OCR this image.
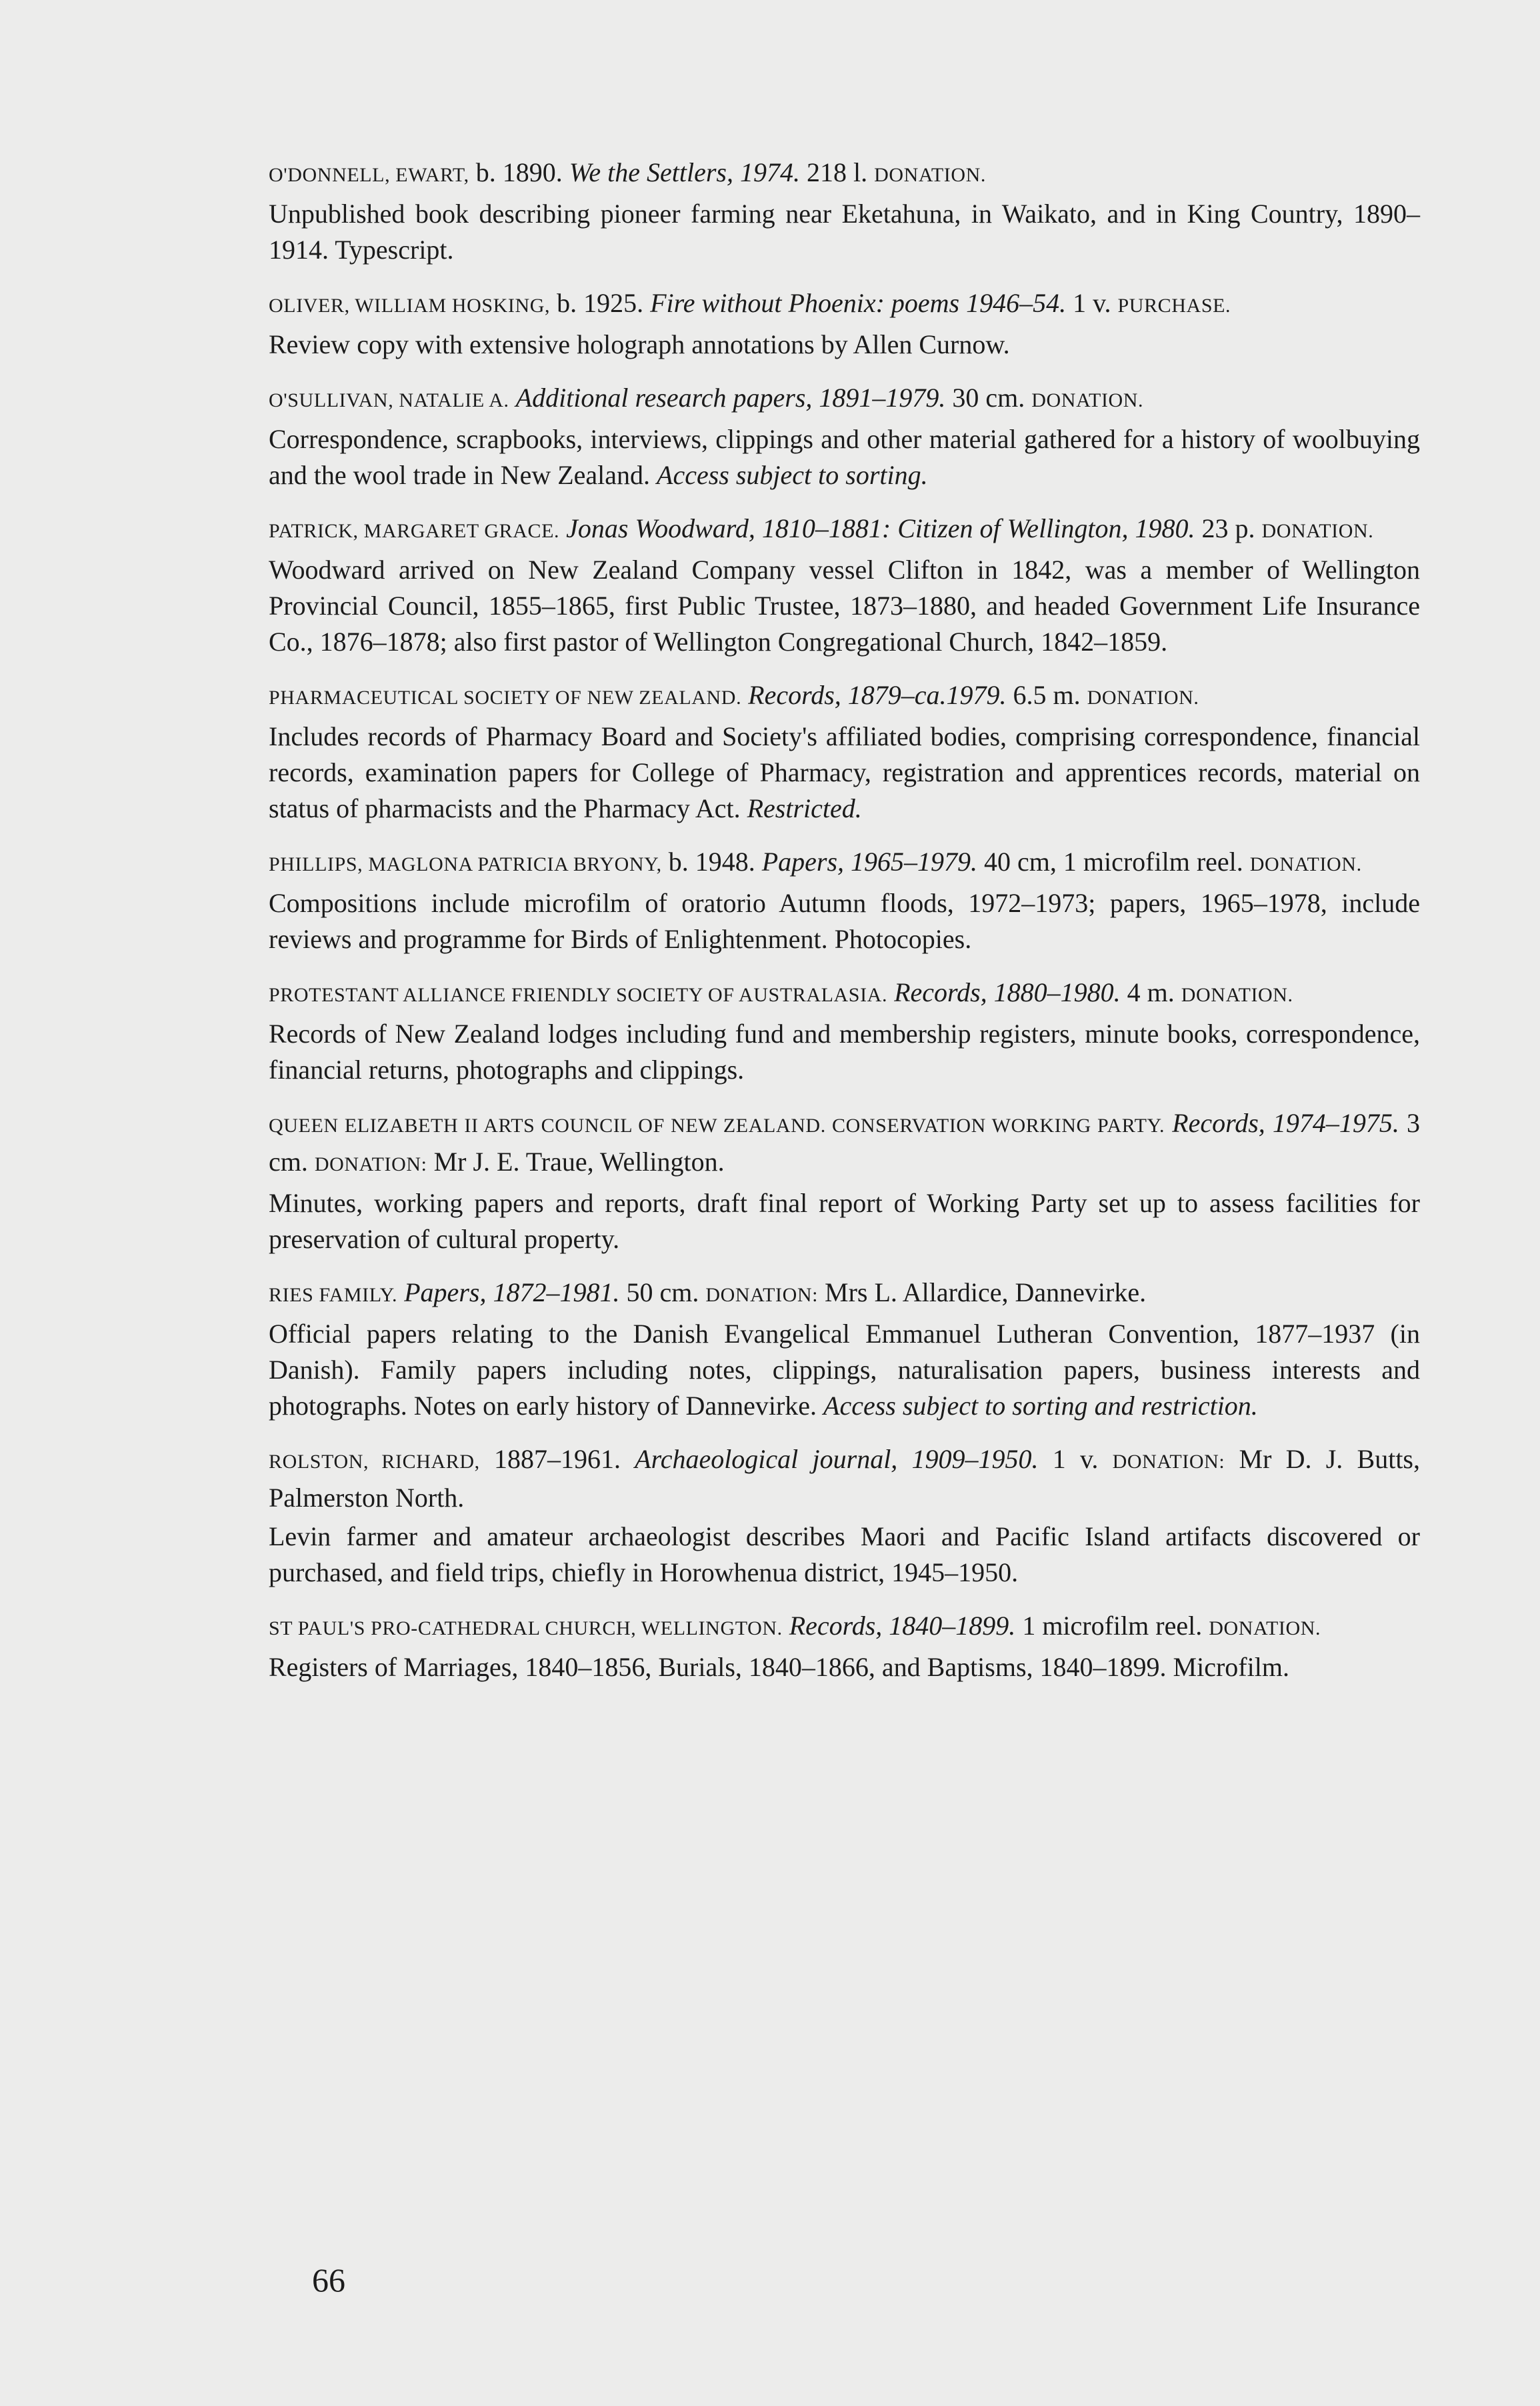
O'DONNELL, EWART, b. 1890. We the Settlers, 1974. 218 l. DONATION.

Unpublished book describing pioneer farming near Eketahuna, in Waikato, and in King Country, 1890–1914. Typescript.

OLIVER, WILLIAM HOSKING, b. 1925. Fire without Phoenix: poems 1946–54. 1 v. PURCHASE.

Review copy with extensive holograph annotations by Allen Curnow.

O'SULLIVAN, NATALIE A. Additional research papers, 1891–1979. 30 cm. DONATION.

Correspondence, scrapbooks, interviews, clippings and other material gathered for a history of woolbuying and the wool trade in New Zealand. Access subject to sorting.

PATRICK, MARGARET GRACE. Jonas Woodward, 1810–1881: Citizen of Wellington, 1980. 23 p. DONATION.

Woodward arrived on New Zealand Company vessel Clifton in 1842, was a member of Wellington Provincial Council, 1855–1865, first Public Trustee, 1873–1880, and headed Government Life Insurance Co., 1876–1878; also first pastor of Wellington Congregational Church, 1842–1859.

PHARMACEUTICAL SOCIETY OF NEW ZEALAND. Records, 1879–ca.1979. 6.5 m. DONATION.

Includes records of Pharmacy Board and Society's affiliated bodies, comprising correspondence, financial records, examination papers for College of Pharmacy, registration and apprentices records, material on status of pharmacists and the Pharmacy Act. Restricted.

PHILLIPS, MAGLONA PATRICIA BRYONY, b. 1948. Papers, 1965–1979. 40 cm, 1 microfilm reel. DONATION.

Compositions include microfilm of oratorio Autumn floods, 1972–1973; papers, 1965–1978, include reviews and programme for Birds of Enlightenment. Photocopies.

PROTESTANT ALLIANCE FRIENDLY SOCIETY OF AUSTRALASIA. Records, 1880–1980. 4 m. DONATION.

Records of New Zealand lodges including fund and membership registers, minute books, correspondence, financial returns, photographs and clippings.

QUEEN ELIZABETH II ARTS COUNCIL OF NEW ZEALAND. CONSERVATION WORKING PARTY. Records, 1974–1975. 3 cm. DONATION: Mr J. E. Traue, Wellington.

Minutes, working papers and reports, draft final report of Working Party set up to assess facilities for preservation of cultural property.

RIES FAMILY. Papers, 1872–1981. 50 cm. DONATION: Mrs L. Allardice, Dannevirke.

Official papers relating to the Danish Evangelical Emmanuel Lutheran Convention, 1877–1937 (in Danish). Family papers including notes, clippings, naturalisation papers, business interests and photographs. Notes on early history of Dannevirke. Access subject to sorting and restriction.

ROLSTON, RICHARD, 1887–1961. Archaeological journal, 1909–1950. 1 v. DONATION: Mr D. J. Butts, Palmerston North.

Levin farmer and amateur archaeologist describes Maori and Pacific Island artifacts discovered or purchased, and field trips, chiefly in Horowhenua district, 1945–1950.

ST PAUL'S PRO-CATHEDRAL CHURCH, WELLINGTON. Records, 1840–1899. 1 microfilm reel. DONATION.

Registers of Marriages, 1840–1856, Burials, 1840–1866, and Baptisms, 1840–1899. Microfilm.

66
